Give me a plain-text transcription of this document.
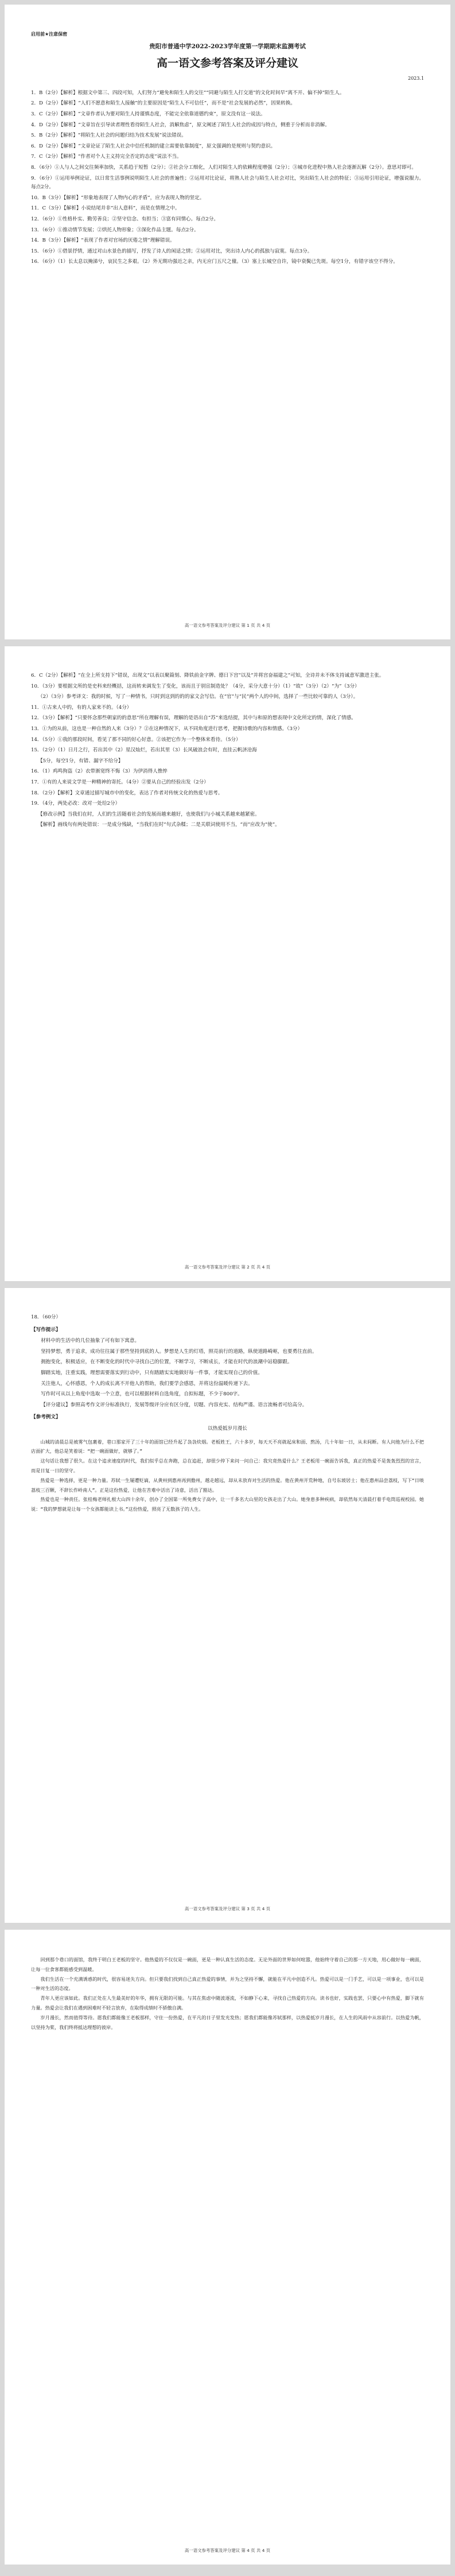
启用前★注意保密
贵阳市普通中学2022-2023学年度第一学期期末监测考试
高一语文参考答案及评分建议
2023.1

1．B（2分）【解析】根据文中第三、四段可知，人们努力“避免和陌生人的交往”“同避与陌生人打交道”的文化时间早“离不开、偏不掉”陌生人。

2．D（2分）【解析】“人们不愿意和陌生人接触”的主要原因是“陌生人不可信任”，而不是“社会发展的必然”，因果转换。

3．C（2分）【解析】“文章作者认为要对陌生人持谨慎态度，不能完全依靠道德约束”，原文没有这一说法。

4．D（2分）【解析】“文章旨在引导读者理性看待陌生人社会，消解焦虑”，原文阐述了陌生人社会的成因与特点，侧重于分析而非消解。

5．B（2分）【解析】“将陌生人社会的问题归结为技术发展”说法错误。

6．D（2分）【解析】“文章论证了陌生人社会中信任机制的建立需要依靠制度”，原文强调的是规则与契约意识。

7．C（2分）【解析】“作者对个人主义持完全否定的态度”说法不当。

8．（6分）①人与人之间交往频率加快，关系趋于短暂（2分）；②社会分工细化，人们对陌生人的依赖程度增强（2分）；③城市化进程中熟人社会逐渐瓦解（2分）。意思对即可。

9．（6分）①运用举例论证，以日常生活事例说明陌生人社会的普遍性；②运用对比论证，将熟人社会与陌生人社会对比，突出陌生人社会的特征；③运用引用论证，增强说服力。每点2分。

10．B（3分）【解析】“形象地表现了人物内心的矛盾”，应为表现人物的坚定。

11．C（3分）【解析】小说结尾并非“出人意料”，而是在情理之中。

12．（6分）①性格朴实、勤劳善良；②坚守信念、有担当；③富有同情心。每点2分。

13．（6分）①推动情节发展；②烘托人物形象；③深化作品主题。每点2分。

14．B（3分）【解析】“表现了作者对官场的厌倦之情”理解错误。

15．（6分）①借景抒情，通过对山水景色的描写，抒发了诗人的闲适之情；②运用对比，突出诗人内心的孤独与寂寞。每点3分。

16．（6分）（1）长太息以掩涕兮，哀民生之多艰。（2）外无期功强近之亲，内无应门五尺之僮。（3）塞上长城空自许，镜中衰鬓已先斑。每空1分，有错字该空不得分。

高一语文参考答案及评分建议 第 1 页 共 4 页

6．C（2分）【解析】“在全上所支持下”错误，出现文“以表以聚篇刻、降铁前金字牌、德日下宫”以及“并将宫奋福建之”可知，全诗并未不体支持诚意军激进主张。

10．（3分）要根据文所的是史科来经概括，这而转来调发生了变化，该而且于别宣制造处？（4分，采分大意十分）（1）“故”（3分）（2）“为”（3分）

（2）（3分）参考译文：我的时候，写了一种情书，只时到这到的的的家文会写信。在“官”与“民”两个人的中间，选择了一些比较可靠的人（3分）。

11．①古来人中的，有的人家来不的。（4分）

12．（3分）【解析】“只要怀念那些朝家的的意思”所在理解有误，理解的是语出自“苏”来选结提，其中与和原的想表现中文化所定的情，深化了情感。

13．①为的从前，这也是一种自然的人来（3分）？②在这种情况下，从不同角度进行思考，把握诗歌的内容和情感。（3分）

14．（5分）①我的那段时间，看见了那不同的好心好意。②该把它作为一个整体来看待。（5分）

15．（2分）（1）日月之行，若出其中（2）星汉灿烂，若出其里（3）长风破浪会有时，直挂云帆济沧海

【5分，每空1分，有错、漏字不给分】

16．（1）鸡鸣狗盗（2）衣带渐宽终不悔（3）为伊消得人憔悴

17．①有的人来说文学是一种精神的寄托。（4分）②要从自己的经验出发（2分）

18．（2分）【解析】文章通过描写城市中的变化，表达了作者对传统文化的热爱与思考。

19．（4分，两处必改：改对一处给2分）

【修改示例】当我们在时，人们的生活随着社会的发展而越来越好，也使我们与小城关系越来越紧密。

【解析】画线句有两处错误：一是成分残缺，“当我们在时”句式杂糅；二是关联词使用不当，“而”应改为“使”。

高一语文参考答案及评分建议 第 2 页 共 4 页

18．（60分）

【写作提示】

材料中的生活中的几位抽象了可有如下寓意。

坚持梦想，勇于追求，成功往往属于那些坚持到底的人。梦想是人生的灯塔，照亮前行的道路，纵使道路崎岖，也要勇往直前。

拥抱变化，积极适应，在不断变化的时代中寻找自己的位置，不断学习，不断成长，才能在时代的浪潮中站稳脚跟。

脚踏实地，注重实践，理想需要落实到行动中，只有踏踏实实地做好每一件事，才能实现自己的价值。

关注他人，心怀感恩，个人的成长离不开他人的帮助，我们要学会感恩，并将这份温暖传递下去。

写作时可从以上角度中选取一个立意，也可以根据材料自选角度，自拟标题，不少于800字。

【评分建议】参照高考作文评分标准执行，发展等级评分应有区分度，切题、内容充实、结构严谨、语言流畅者可给高分。

【参考例文】

以热爱抵岁月漫长

山城的清晨总是被雾气包裹着，巷口那家开了三十年的面馆已经升起了袅袅炊烟。老板姓王，六十多岁，每天天不亮就起床和面、熬汤，几十年如一日，从未间断。有人问他为什么不把店面扩大，他总是笑着说：“把一碗面做好，就够了。”

这句话让我想了很久。在这个追求速度的时代，我们似乎总在奔跑，总在追赶，却很少停下来问一问自己：我究竟热爱什么？王老板用一碗面告诉我，真正的热爱不是轰轰烈烈的宣言，而是日复一日的坚守。

热爱是一种选择，更是一种力量。苏轼一生屡遭贬谪，从黄州到惠州再到儋州，越走越远，却从未放弃对生活的热爱。他在黄州开荒种地，自号东坡居士；他在惠州品尝荔枝，写下“日啖荔枝三百颗，不辞长作岭南人”。正是这份热爱，让他在苦难中活出了诗意，活出了豁达。

热爱也是一种责任。张桂梅老师扎根大山四十余年，创办了全国第一所免费女子高中，让一千多名大山里的女孩走出了大山。她身患多种疾病，却依然每天清晨打着手电筒巡视校园。她说：“我的梦想就是让每一个女孩都能读上书。”这份热爱，照亮了无数孩子的人生。

高一语文参考答案及评分建议 第 3 页 共 4 页

回到那个巷口的面馆，我终于明白王老板的坚守。他热爱的不仅仅是一碗面，更是一种认真生活的态度。无论外面的世界如何喧嚣，他始终守着自己的那一方天地，用心做好每一碗面，让每一位食客都能感受到温暖。

我们生活在一个充满诱惑的时代，很容易迷失方向。但只要我们找到自己真正热爱的事情，并为之坚持不懈，就能在平凡中创造不凡。热爱可以是一门手艺，可以是一项事业，也可以是一种对生活的态度。

青年人更应该如此。我们正处在人生最美好的年华，拥有无限的可能。与其在焦虑中随波逐流，不如静下心来，寻找自己热爱的方向。读书也好，实践也罢，只要心中有热爱，脚下就有力量。热爱会让我们在遇到困难时不轻言放弃，在取得成绩时不骄傲自满。

岁月漫长，然而值得等待。愿我们都能像王老板那样，守住一份热爱，在平凡的日子里发光发热；愿我们都能像苏轼那样，以热爱抵岁月漫长，在人生的风雨中从容前行。以热爱为帆，以坚持为桨，我们终将抵达理想的彼岸。

高一语文参考答案及评分建议 第 4 页 共 4 页
